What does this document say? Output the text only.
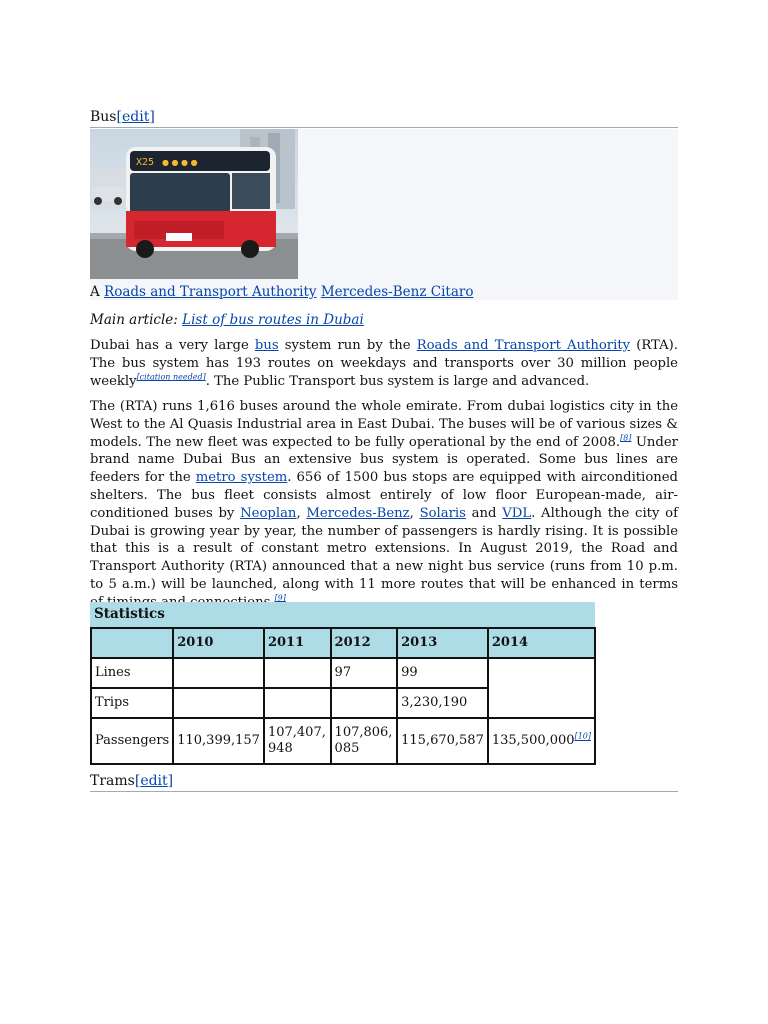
Bus[edit]
X25 ● ● ● ●
A Roads and Transport Authority Mercedes-Benz Citaro
Main article: List of bus routes in Dubai

Dubai has a very large bus system run by the Roads and Transport Authority (RTA). The bus system has 193 routes on weekdays and transports over 30 million people weekly[citation needed]. The Public Transport bus system is large and advanced.

The (RTA) runs 1,616 buses around the whole emirate. From dubai logistics city in the West to the Al Quasis Industrial area in East Dubai. The buses will be of various sizes & models. The new fleet was expected to be fully operational by the end of 2008.[8] Under brand name Dubai Bus an extensive bus system is operated. Some bus lines are feeders for the metro system. 656 of 1500 bus stops are equipped with airconditioned shelters. The bus fleet consists almost entirely of low floor European-made, air-conditioned buses by Neoplan, Mercedes-Benz, Solaris and VDL. Although the city of Dubai is growing year by year, the number of passengers is hardly rising. It is possible that this is a result of constant metro extensions. In August 2019, the Road and Transport Authority (RTA) announced that a new night bus service (runs from 10 p.m. to 5 a.m.) will be launched, along with 11 more routes that will be enhanced in terms [9]

Statistics
	2010	2011	2012	2013	2014
Lines			97	99	
Trips				3,230,190	
Passengers	110,399,157	107,407,948	107,806,085	115,670,587	135,500,000[10]
Trams[edit]
